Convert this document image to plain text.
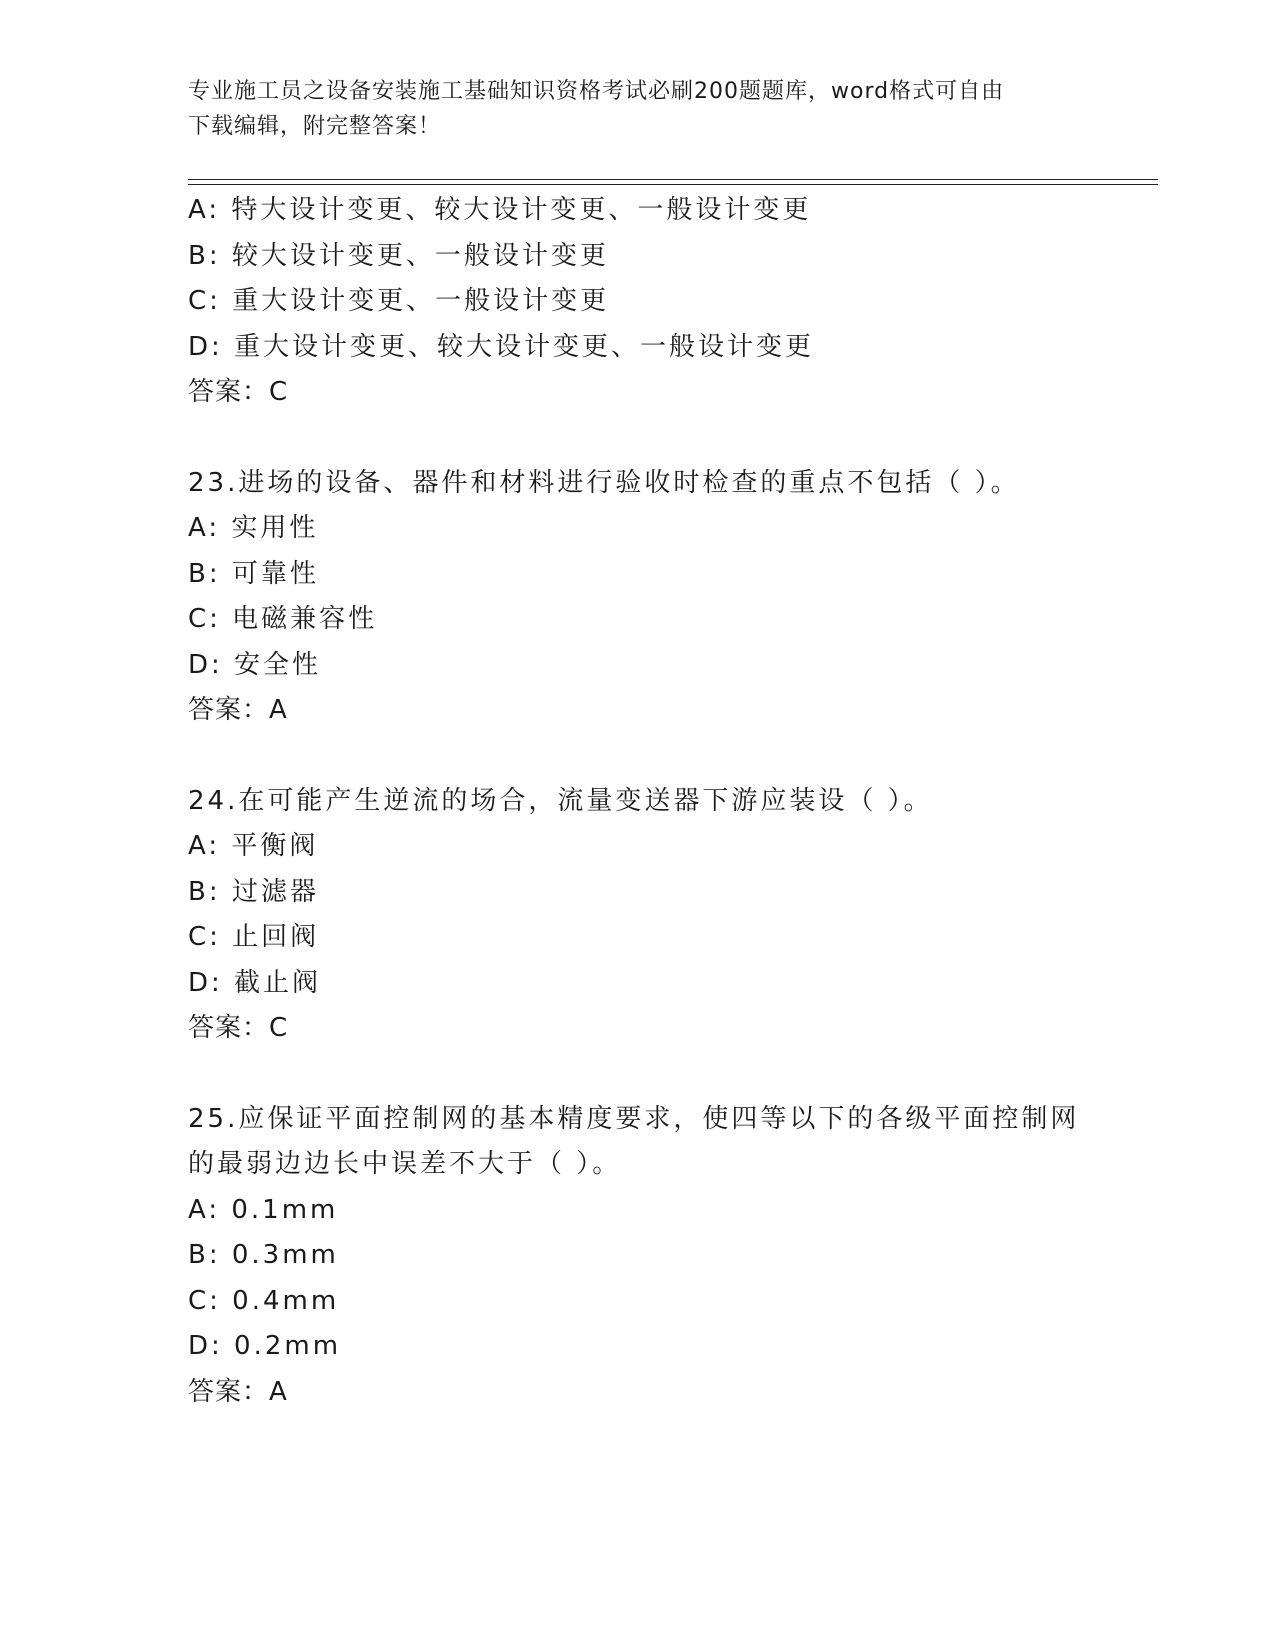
专业施工员之设备安装施工基础知识资格考试必刷200题题库，word格式可自由
下载编辑，附完整答案！
A: 特大设计变更、较大设计变更、一般设计变更
B: 较大设计变更、一般设计变更
C: 重大设计变更、一般设计变更
D: 重大设计变更、较大设计变更、一般设计变更
答案：C
23.进场的设备、器件和材料进行验收时检查的重点不包括（ ）。
A: 实用性
B: 可靠性
C: 电磁兼容性
D: 安全性
答案：A
24.在可能产生逆流的场合，流量变送器下游应装设（ ）。
A: 平衡阀
B: 过滤器
C: 止回阀
D: 截止阀
答案：C
25.应保证平面控制网的基本精度要求，使四等以下的各级平面控制网
的最弱边边长中误差不大于（ ）。
A: 0.1mm
B: 0.3mm
C: 0.4mm
D: 0.2mm
答案：A
